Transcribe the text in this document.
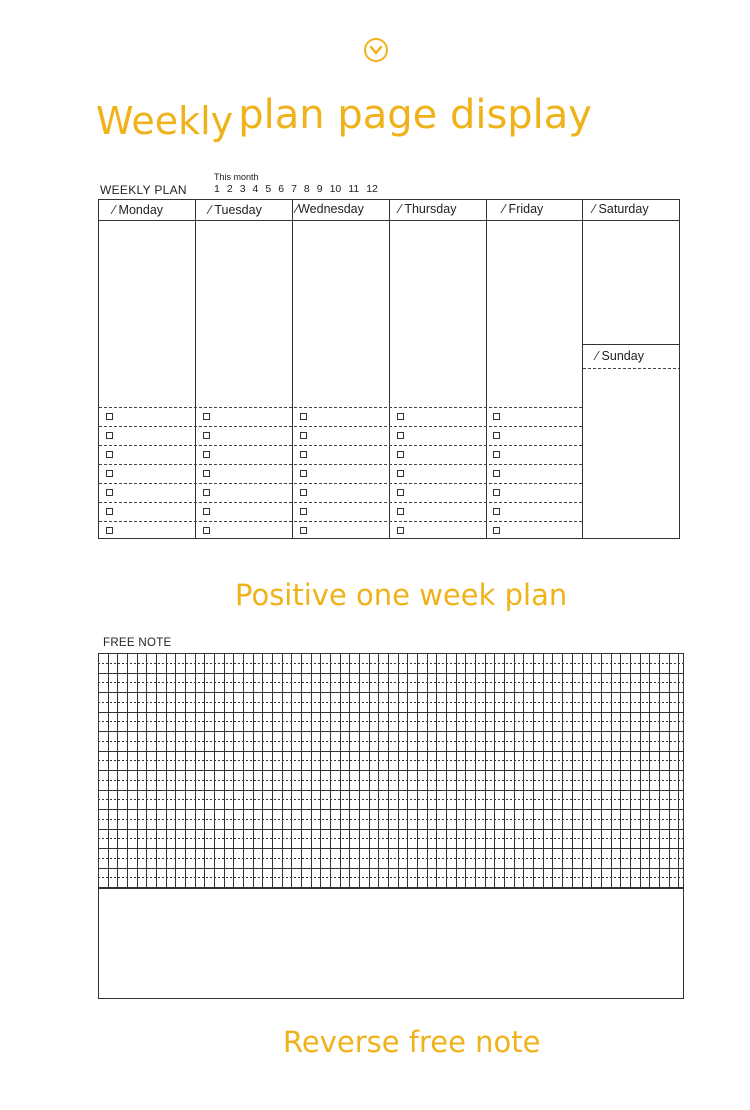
Weekly plan page display
This month
WEEKLY PLAN	1 2 3 4 5 6 7 8 9 10 11 12
⁄ Monday	⁄ Tuesday	⁄Wednesday	⁄ Thursday	⁄ Friday	⁄ Saturday
⁄ Sunday
Positive one week plan
FREE NOTE
Reverse free note
